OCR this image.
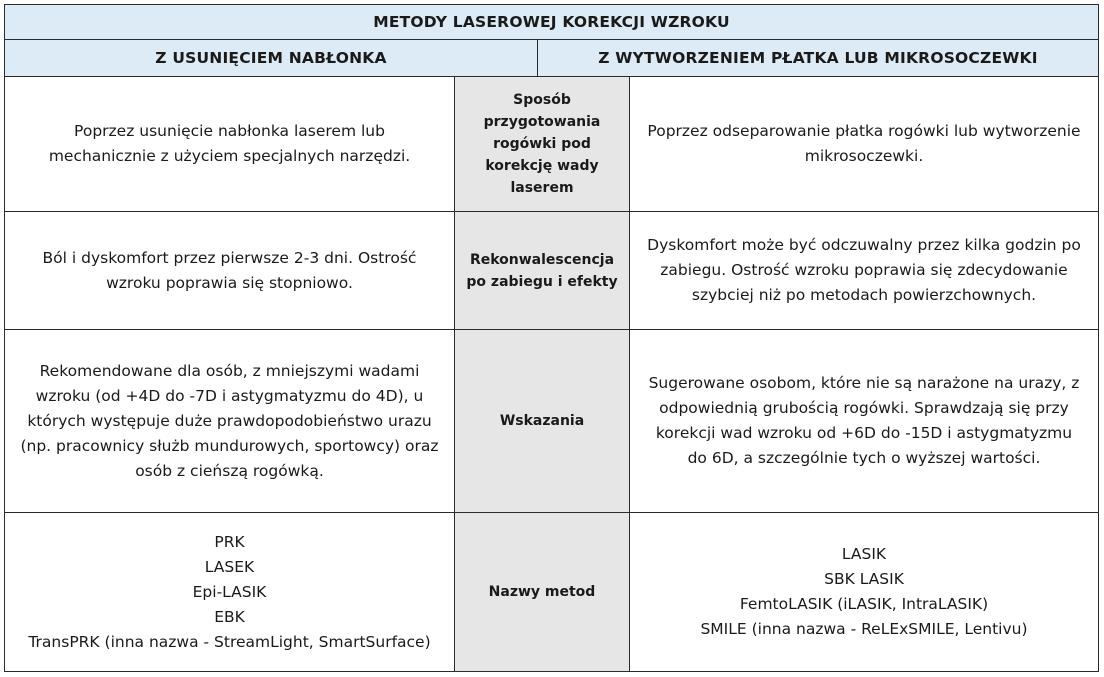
METODY LASEROWEJ KOREKCJI WZROKU
Z USUNIĘCIEM NABŁONKA	Z WYTWORZENIEM PŁATKA LUB MIKROSOCZEWKI
Poprzez usunięcie nabłonka laserem lub mechanicznie z użyciem specjalnych narzędzi.
Sposób przygotowania rogówki pod korekcję wady laserem
Poprzez odseparowanie płatka rogówki lub wytworzenie mikrosoczewki.
Ból i dyskomfort przez pierwsze 2-3 dni. Ostrość wzroku poprawia się stopniowo.
Rekonwalescencja po zabiegu i efekty
Dyskomfort może być odczuwalny przez kilka godzin po zabiegu. Ostrość wzroku poprawia się zdecydowanie szybciej niż po metodach powierzchownych.
Rekomendowane dla osób, z mniejszymi wadami wzroku (od +4D do -7D i astygmatyzmu do 4D), u których występuje duże prawdopodobieństwo urazu (np. pracownicy służb mundurowych, sportowcy) oraz osób z cieńszą rogówką.
Wskazania
Sugerowane osobom, które nie są narażone na urazy, z odpowiednią grubością rogówki. Sprawdzają się przy korekcji wad wzroku od +6D do -15D i astygmatyzmu do 6D, a szczególnie tych o wyższej wartości.
PRK
LASEK
Epi-LASIK
EBK
TransPRK (inna nazwa - StreamLight, SmartSurface)
Nazwy metod
LASIK
SBK LASIK
FemtoLASIK (iLASIK, IntraLASIK)
SMILE (inna nazwa - ReLExSMILE, Lentivu)
